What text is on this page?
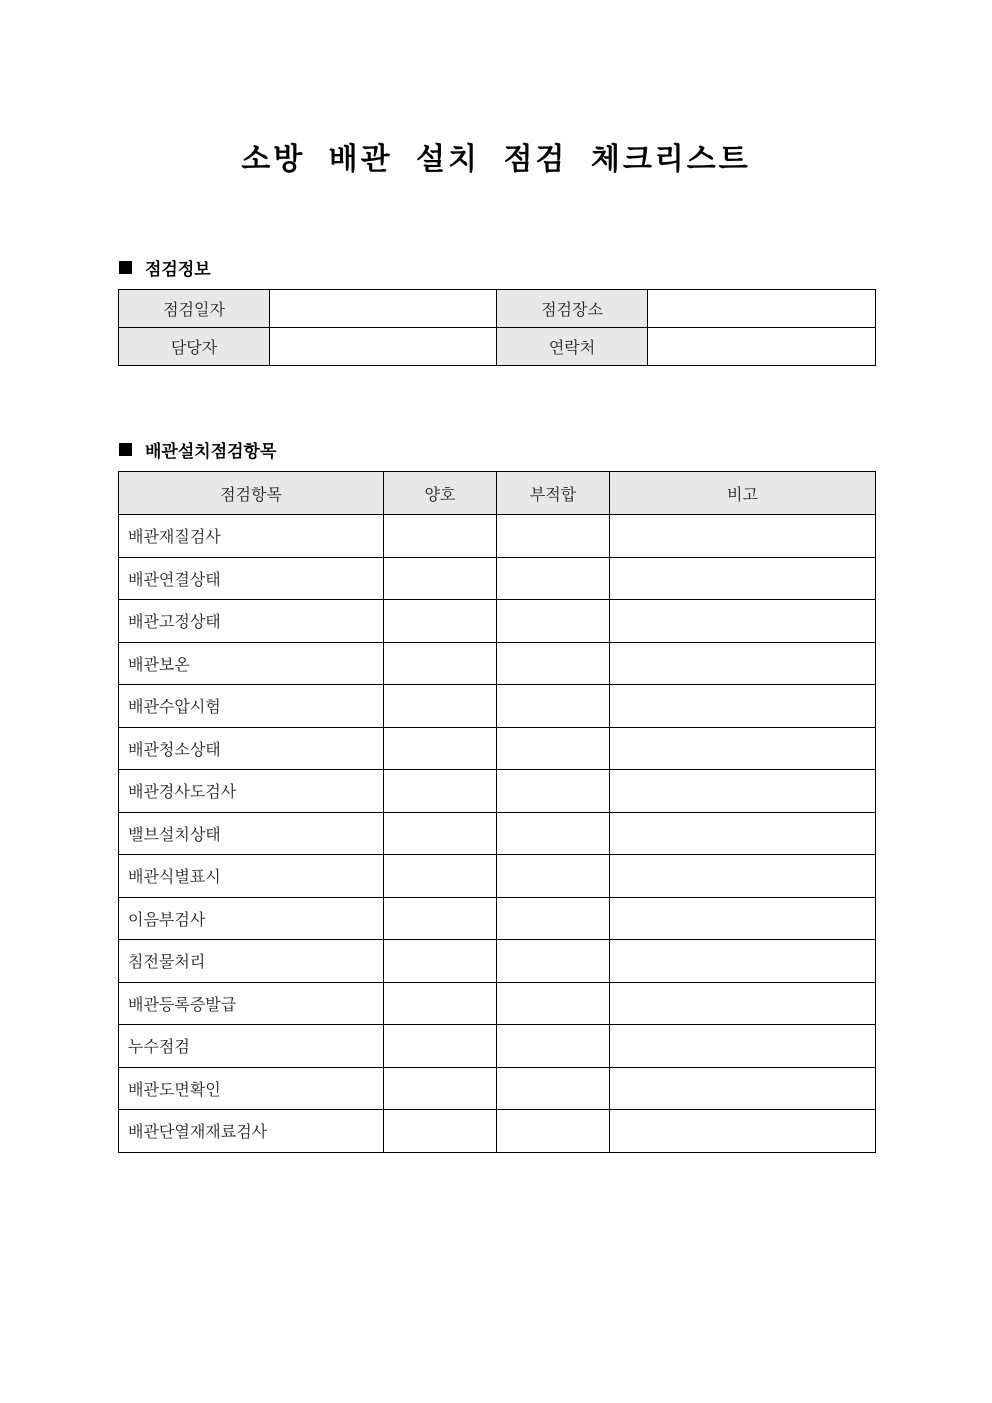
소방 배관 설치 점검 체크리스트
점검정보
점검일자		점검장소	
담당자		연락처	
배관설치점검항목
점검항목	양호	부적합	비고
배관재질검사			
배관연결상태			
배관고정상태			
배관보온			
배관수압시험			
배관청소상태			
배관경사도검사			
밸브설치상태			
배관식별표시			
이음부검사			
침전물처리			
배관등록증발급			
누수점검			
배관도면확인			
배관단열재재료검사			
